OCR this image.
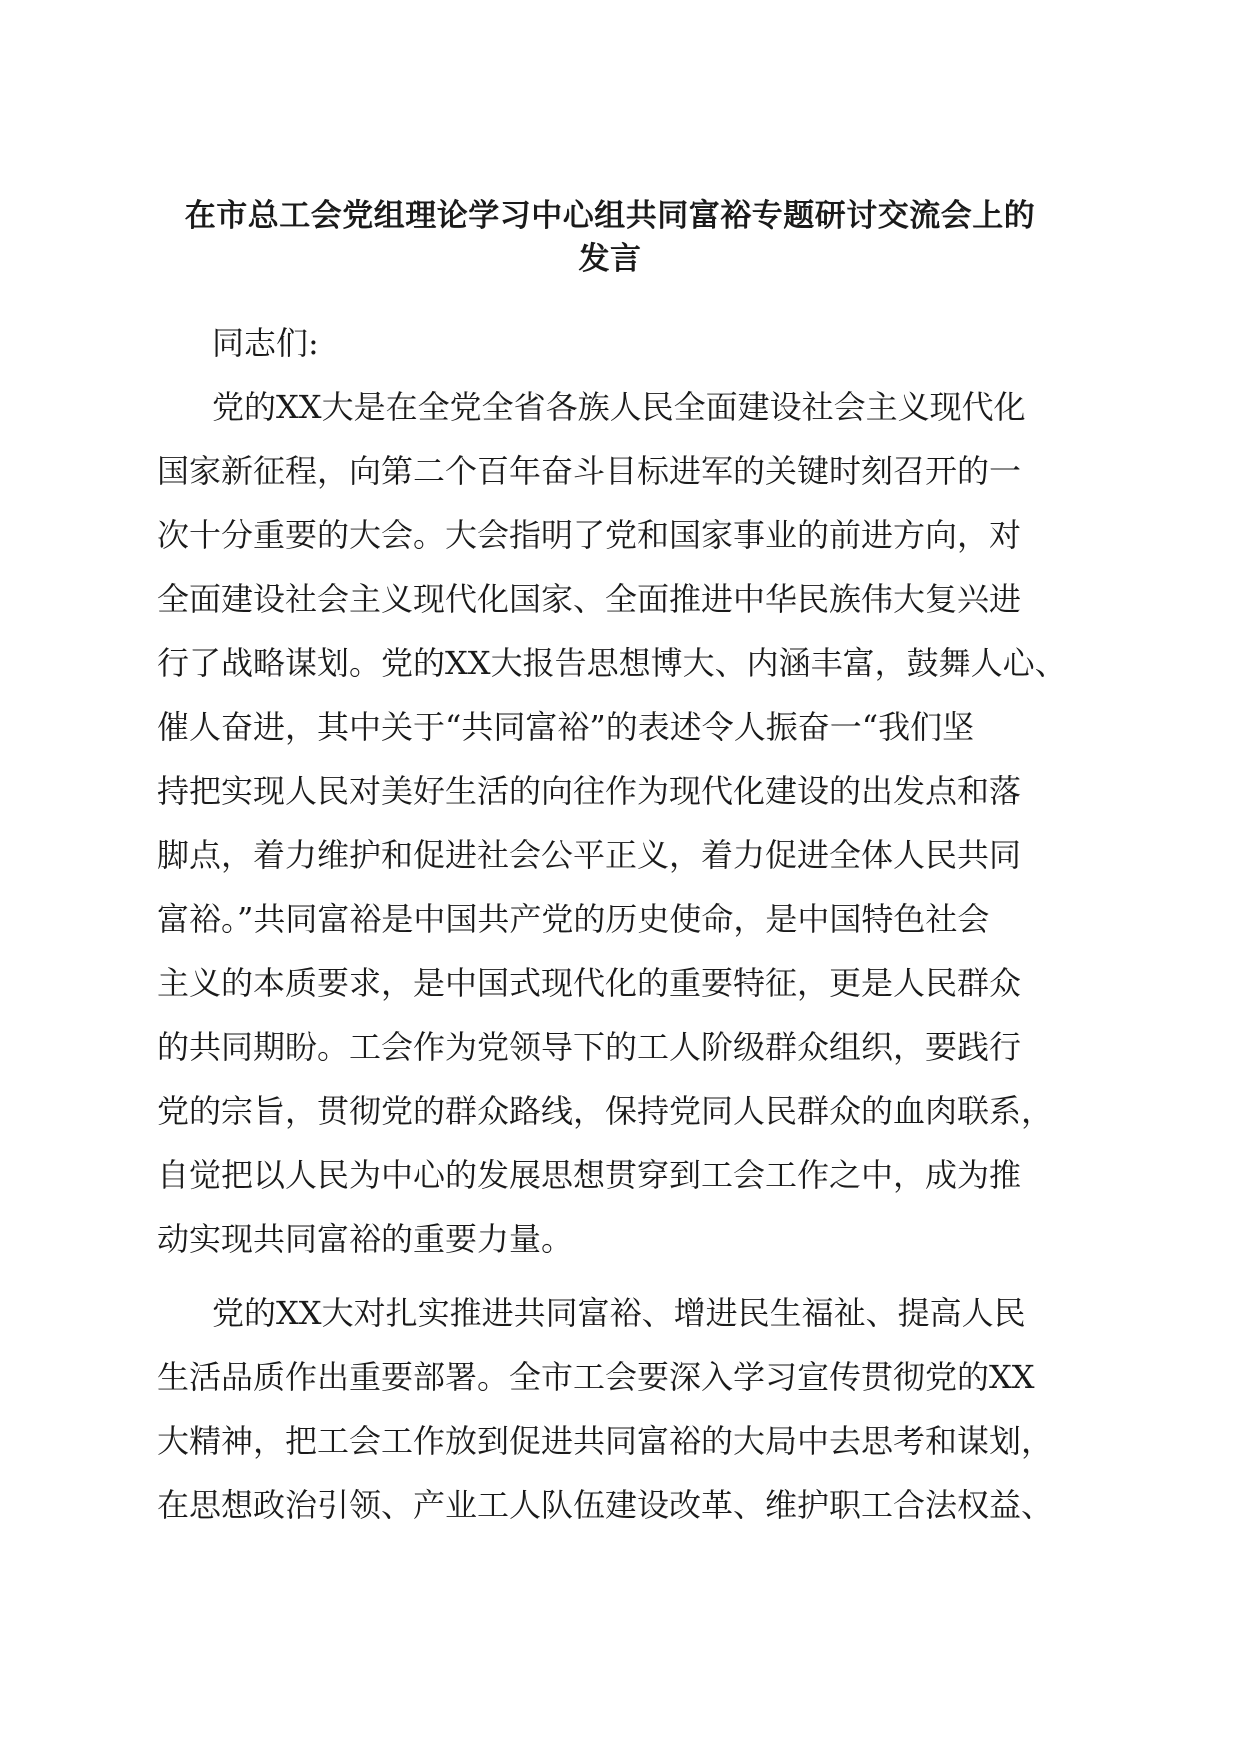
在市总工会党组理论学习中心组共同富裕专题研讨交流会上的
发言
同志们:
党的XX大是在全党全省各族人民全面建设社会主义现代化
国家新征程，向第二个百年奋斗目标进军的关键时刻召开的一
次十分重要的大会。大会指明了党和国家事业的前进方向，对
全面建设社会主义现代化国家、全面推进中华民族伟大复兴进
行了战略谋划。党的XX大报告思想博大、内涵丰富，鼓舞人心、
催人奋进，其中关于“共同富裕”的表述令人振奋一“我们坚
持把实现人民对美好生活的向往作为现代化建设的出发点和落
脚点，着力维护和促进社会公平正义，着力促进全体人民共同
富裕。”共同富裕是中国共产党的历史使命，是中国特色社会
主义的本质要求，是中国式现代化的重要特征，更是人民群众
的共同期盼。工会作为党领导下的工人阶级群众组织，要践行
党的宗旨，贯彻党的群众路线，保持党同人民群众的血肉联系，
自觉把以人民为中心的发展思想贯穿到工会工作之中，成为推
动实现共同富裕的重要力量。
党的XX大对扎实推进共同富裕、增进民生福祉、提高人民
生活品质作出重要部署。全市工会要深入学习宣传贯彻党的XX
大精神，把工会工作放到促进共同富裕的大局中去思考和谋划，
在思想政治引领、产业工人队伍建设改革、维护职工合法权益、
